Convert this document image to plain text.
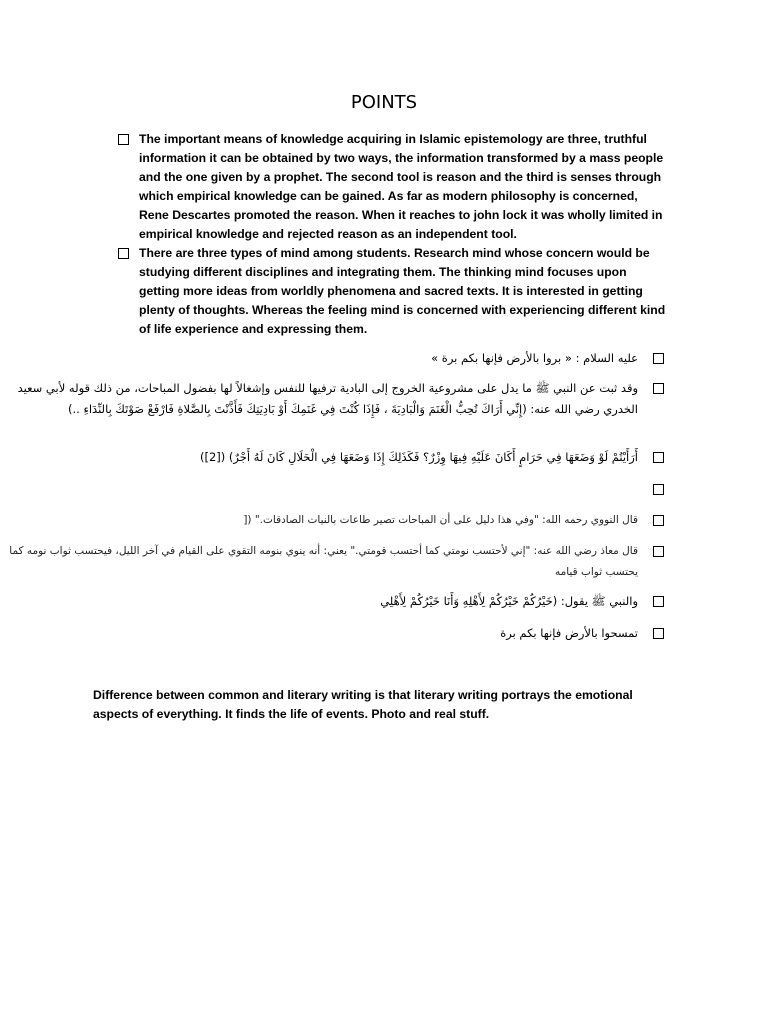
POINTS
The important means of knowledge acquiring in Islamic epistemology are three, truthful information it can be obtained by two ways, the information transformed by a mass people and the one given by a prophet. The second tool is reason and the third is senses through which empirical knowledge can be gained. As far as modern philosophy is concerned, Rene Descartes promoted the reason. When it reaches to john lock it was wholly limited in empirical knowledge and rejected reason as an independent tool.
There are three types of mind among students. Research mind whose concern would be studying different disciplines and integrating them. The thinking mind focuses upon getting more ideas from worldly phenomena and sacred texts. It is interested in getting plenty of thoughts. Whereas the feeling mind is concerned with experiencing different kind of life experience and expressing them.
عليه السلام : « بروا بالأرض فإنها بكم برة »
وقد ثبت عن النبي ﷺ ما يدل على مشروعية الخروج إلى البادية ترفيها للنفس وإشغالاً لها بفضول المباحات، من ذلك قوله لأبي سعيد الخدري رضي الله عنه: (إِنِّي أَرَاكَ تُحِبُّ الْغَنَمَ وَالْبَادِيَةَ ، فَإِذَا كُنْتَ فِي غَنَمِكَ أَوْ بَادِيَتِكَ فَأَذَّنْتَ بِالصَّلاةِ فَارْفَعْ صَوْتَكَ بِالنِّدَاءِ ..)
أَرَأَيْتُمْ لَوْ وَضَعَهَا فِي حَرَامٍ أَكَانَ عَلَيْهِ فِيهَا وِزْرٌ؟ فَكَذَلِكَ إِذَا وَضَعَهَا فِي الْحَلَالِ كَانَ لَهُ أَجْرٌ) ([2])
قال النووي رحمه الله: "وفي هذا دليل على أن المباحات تصير طاعات بالنيات الصادقات." ([
قال معاذ رضي الله عنه: "إني لأحتسب نومتي كما أحتسب قومتي." يعني: أنه ينوي بنومه التقوي على القيام في آخر الليل، فيحتسب ثواب نومه كما يحتسب ثواب قيامه
والنبي ﷺ يقول: (خَيْرُكُمْ خَيْرُكُمْ لِأَهْلِهِ وَأَنَا خَيْرُكُمْ لِأَهْلِي
تمسحوا بالأرض فإنها بكم برة
Difference between common and literary writing is that literary writing portrays the emotional aspects of everything. It finds the life of events. Photo and real stuff.
